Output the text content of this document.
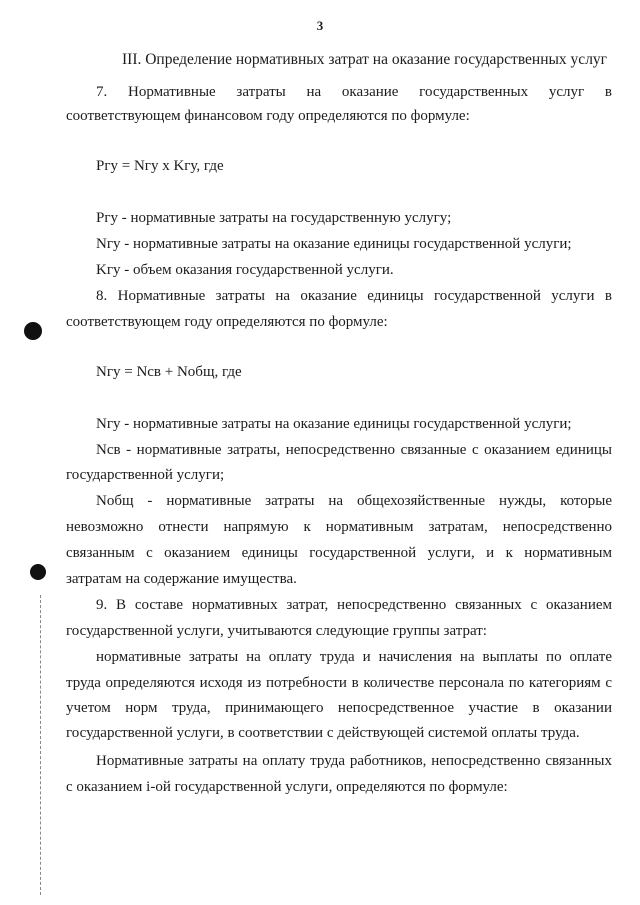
3
III. Определение нормативных затрат на оказание государственных услуг
7. Нормативные затраты на оказание государственных услуг в
соответствующем финансовом году определяются по формуле:
Pгу = Nгу x Kгу, где
Pгу - нормативные затраты на государственную услугу;
Nгу - нормативные затраты на оказание единицы государственной услуги;
Kгу - объем оказания государственной услуги.
8. Нормативные затраты на оказание единицы государственной услуги в
соответствующем году определяются по формуле:
Nгу = Nсв + Nобщ, где
Nгу - нормативные затраты на оказание единицы государственной услуги;
Nсв - нормативные затраты, непосредственно связанные с оказанием единицы
государственной услуги;
Nобщ - нормативные затраты на общехозяйственные нужды, которые
невозможно отнести напрямую к нормативным затратам, непосредственно
связанным с оказанием единицы государственной услуги, и к нормативным
затратам на содержание имущества.
9. В составе нормативных затрат, непосредственно связанных с оказанием
государственной услуги, учитываются следующие группы затрат:
нормативные затраты на оплату труда и начисления на выплаты по оплате
труда определяются исходя из потребности в количестве персонала по категориям с
учетом норм труда, принимающего непосредственное участие в оказании
государственной услуги, в соответствии с действующей системой оплаты труда.
Нормативные затраты на оплату труда работников, непосредственно связанных
с оказанием i-ой государственной услуги, определяются по формуле:
